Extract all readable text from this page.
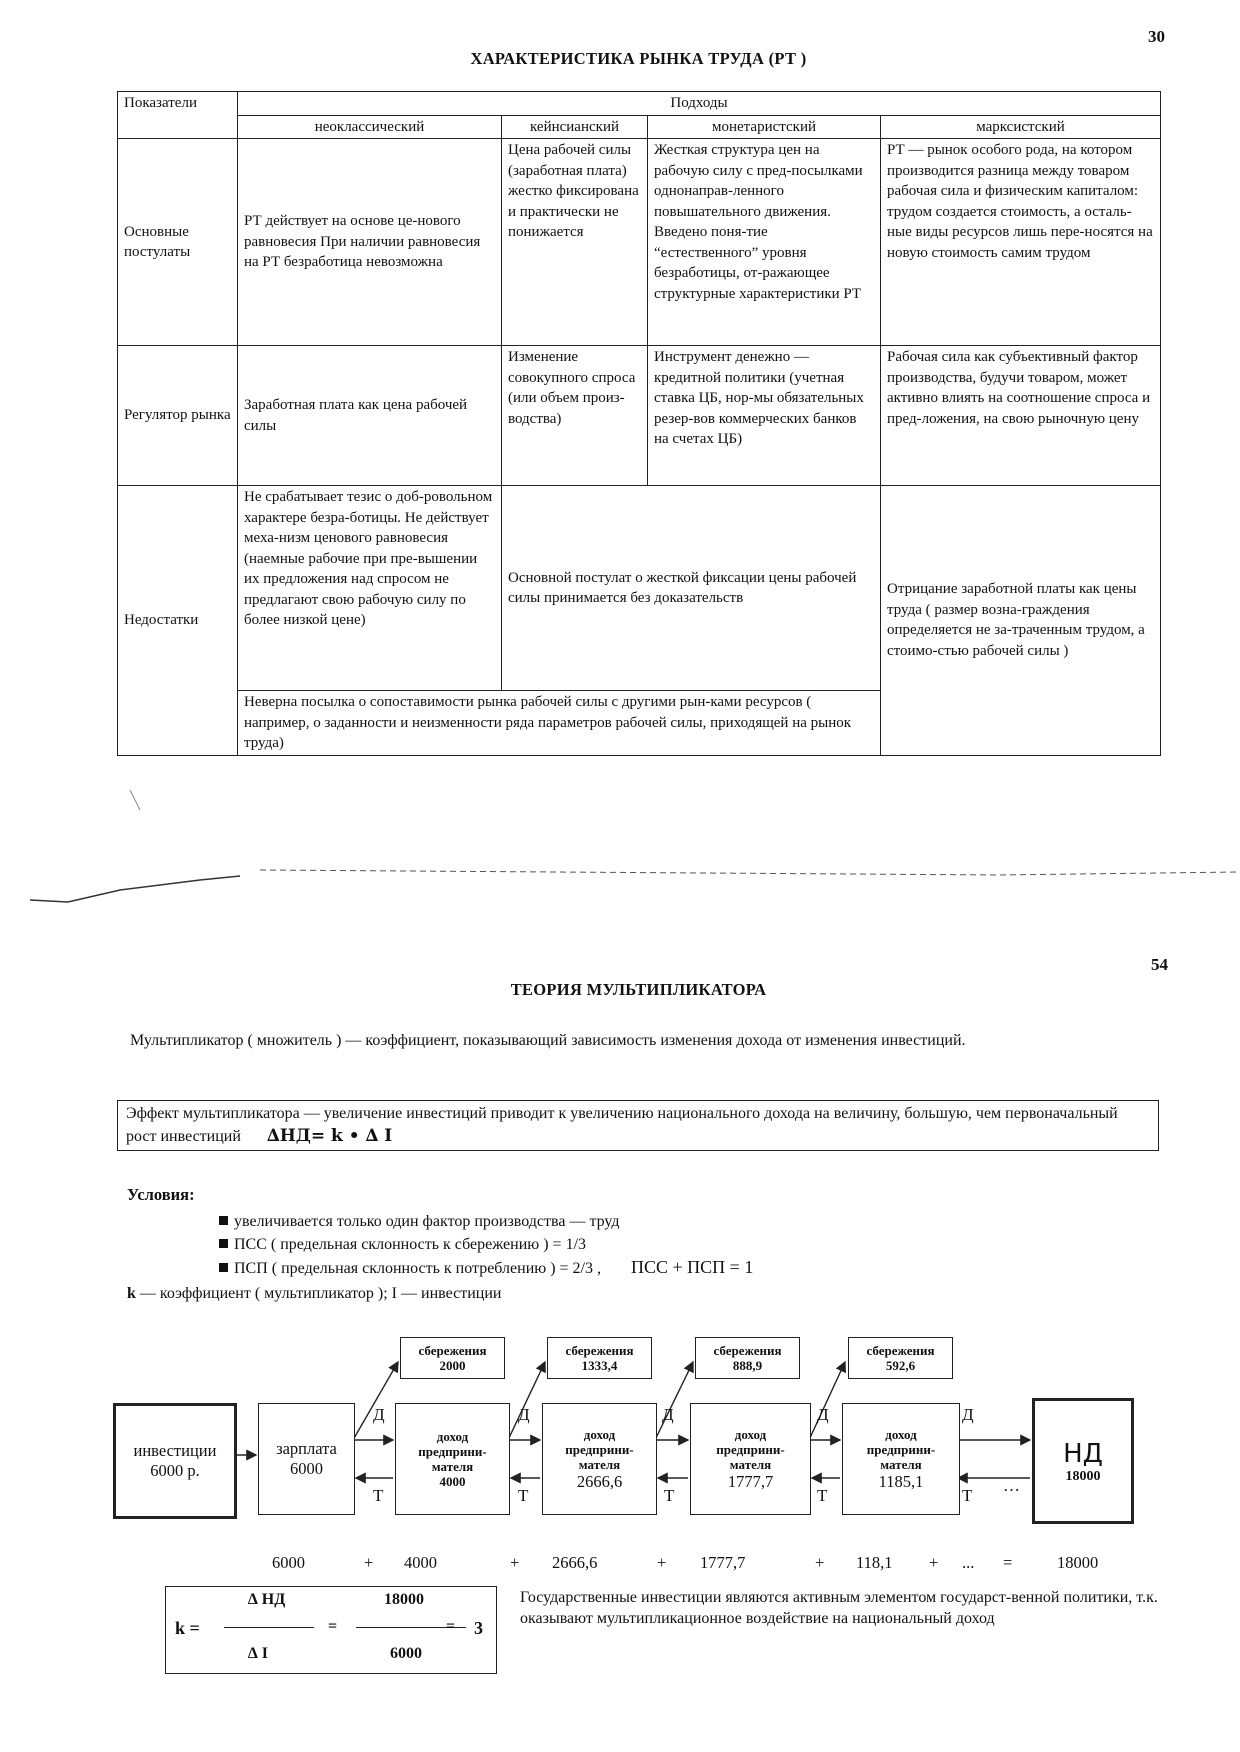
30
ХАРАКТЕРИСТИКА РЫНКА ТРУДА (РТ )
Показатели	Подходы			
	неоклассический	кейнсианский	монетаристский	марксистский
Основные постулаты	РТ действует на основе це-нового равновесия При наличии равновесия на РТ безработица невозможна	Цена рабочей силы (заработная плата) жестко фиксирована и практически не понижается	Жесткая структура цен на рабочую силу с пред-посылками однонаправ-ленного повышательного движения. Введено поня-тие “естественного” уровня безработицы, от-ражающее структурные характеристики РТ	РТ — рынок особого рода, на котором производится разница между товаром рабочая сила и физическим капиталом: трудом создается стоимость, а осталь-ные виды ресурсов лишь пере-носятся на новую стоимость самим трудом
Регулятор рынка	Заработная плата как цена рабочей силы	Изменение совокупного спроса (или объем произ-водства)	Инструмент денежно — кредитной политики (учетная ставка ЦБ, нор-мы обязательных резер-вов коммерческих банков на счетах ЦБ)	Рабочая сила как субъективный фактор производства, будучи товаром, может активно влиять на соотношение спроса и пред-ложения, на свою рыночную цену
Недостатки	Не срабатывает тезис о доб-ровольном характере безра-ботицы. Не действует меха-низм ценового равновесия (наемные рабочие при пре-вышении их предложения над спросом не предлагают свою рабочую силу по более низкой цене)	Основной постулат о жесткой фиксации цены рабочей силы принимается без доказательств		Отрицание заработной платы как цены труда ( размер возна-граждения определяется не за-траченным трудом, а стоимо-стью рабочей силы )
	Неверна посылка о сопоставимости рынка рабочей силы с другими рын-ками ресурсов ( например, о заданности и неизменности ряда параметров рабочей силы, приходящей на рынок труда)			
54
ТЕОРИЯ МУЛЬТИПЛИКАТОРА
Мультипликатор ( множитель ) — коэффициент, показывающий зависимость изменения дохода от изменения инвестиций.
Эффект мультипликатора — увеличение инвестиций приводит к увеличению национального дохода на величину, большую, чем первоначальный рост инвестиций ∆НД= k • ∆ I
Условия:
увеличивается только один фактор производства — труд
ПСС ( предельная склонность к сбережению ) = 1/3
ПСП ( предельная склонность к потреблению ) = 2/3 , ПСС + ПСП = 1
k — коэффициент ( мультипликатор ); I — инвестиции
сбережения
2000
сбережения
1333,4
сбережения
888,9
сбережения
592,6
инвестиции
6000 р.
зарплата
6000
доход предприни-мателя
4000
доход предприни-мателя
2666,6
доход предприни-мателя
1777,7
доход предприни-мателя
1185,1
НД
18000
Д	Д	Д	Д	Д
Т	Т	Т	Т	Т
…
6000	+ 4000	+ 2666,6	+ 1777,7	+ 118,1 + ... =	18000
k =
∆ НД
∆ I
=
18000
6000
= 3
Государственные инвестиции являются активным элементом государст-венной политики, т.к. оказывают мультипликационное воздействие на национальный доход
